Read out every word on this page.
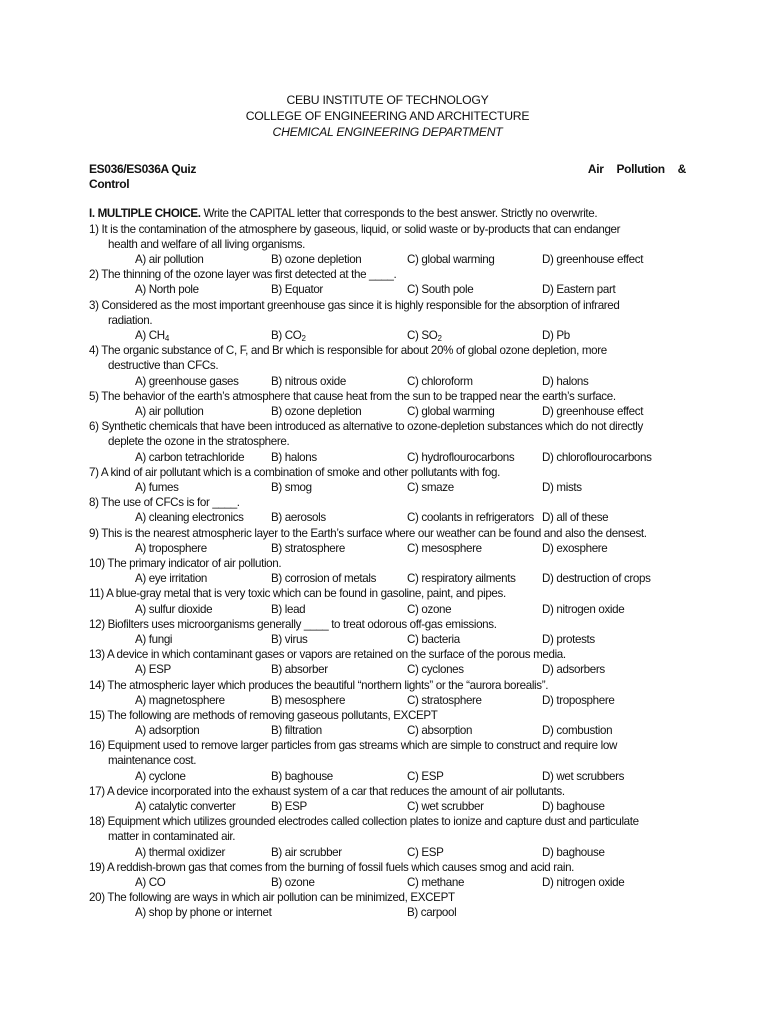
CEBU INSTITUTE OF TECHNOLOGY
COLLEGE OF ENGINEERING AND ARCHITECTURE
CHEMICAL ENGINEERING DEPARTMENT
ES036/ES036A Quiz	Air Pollution &
Control
I. MULTIPLE CHOICE. Write the CAPITAL letter that corresponds to the best answer. Strictly no overwrite.
1) It is the contamination of the atmosphere by gaseous, liquid, or solid waste or by-products that can endanger
health and welfare of all living organisms.
A) air pollution	B) ozone depletion	C) global warming	D) greenhouse effect
2) The thinning of the ozone layer was first detected at the ____.
A) North pole	B) Equator	C) South pole	D) Eastern part
3) Considered as the most important greenhouse gas since it is highly responsible for the absorption of infrared
radiation.
A) $CH_4$	B) $CO_2$	C) $SO_2$	D) Pb
4) The organic substance of C, F, and Br which is responsible for about 20% of global ozone depletion, more
destructive than CFCs.
A) greenhouse gases	B) nitrous oxide	C) chloroform	D) halons
5) The behavior of the earth’s atmosphere that cause heat from the sun to be trapped near the earth’s surface.
A) air pollution	B) ozone depletion	C) global warming	D) greenhouse effect
6) Synthetic chemicals that have been introduced as alternative to ozone-depletion substances which do not directly
deplete the ozone in the stratosphere.
A) carbon tetrachloride B) halons	C) hydroflourocarbons D) chloroflourocarbons
7) A kind of air pollutant which is a combination of smoke and other pollutants with fog.
A) fumes	B) smog	C) smaze	D) mists
8) The use of CFCs is for ____.
A) cleaning electronics B) aerosols	C) coolants in refrigerators D) all of these
9) This is the nearest atmospheric layer to the Earth’s surface where our weather can be found and also the densest.
A) troposphere	B) stratosphere	C) mesosphere	D) exosphere
10) The primary indicator of air pollution.
A) eye irritation	B) corrosion of metals	C) respiratory ailments D) destruction of crops
11) A blue-gray metal that is very toxic which can be found in gasoline, paint, and pipes.
A) sulfur dioxide	B) lead	C) ozone	D) nitrogen oxide
12) Biofilters uses microorganisms generally ____ to treat odorous off-gas emissions.
A) fungi	B) virus	C) bacteria	D) protests
13) A device in which contaminant gases or vapors are retained on the surface of the porous media.
A) ESP	B) absorber	C) cyclones	D) adsorbers
14) The atmospheric layer which produces the beautiful “northern lights” or the “aurora borealis”.
A) magnetosphere	B) mesosphere	C) stratosphere	D) troposphere
15) The following are methods of removing gaseous pollutants, EXCEPT
A) adsorption	B) filtration	C) absorption	D) combustion
16) Equipment used to remove larger particles from gas streams which are simple to construct and require low
maintenance cost.
A) cyclone	B) baghouse	C) ESP	D) wet scrubbers
17) A device incorporated into the exhaust system of a car that reduces the amount of air pollutants.
A) catalytic converter	B) ESP	C) wet scrubber	D) baghouse
18) Equipment which utilizes grounded electrodes called collection plates to ionize and capture dust and particulate
matter in contaminated air.
A) thermal oxidizer	B) air scrubber	C) ESP	D) baghouse
19) A reddish-brown gas that comes from the burning of fossil fuels which causes smog and acid rain.
A) CO	B) ozone	C) methane	D) nitrogen oxide
20) The following are ways in which air pollution can be minimized, EXCEPT
A) shop by phone or internet	B) carpool
